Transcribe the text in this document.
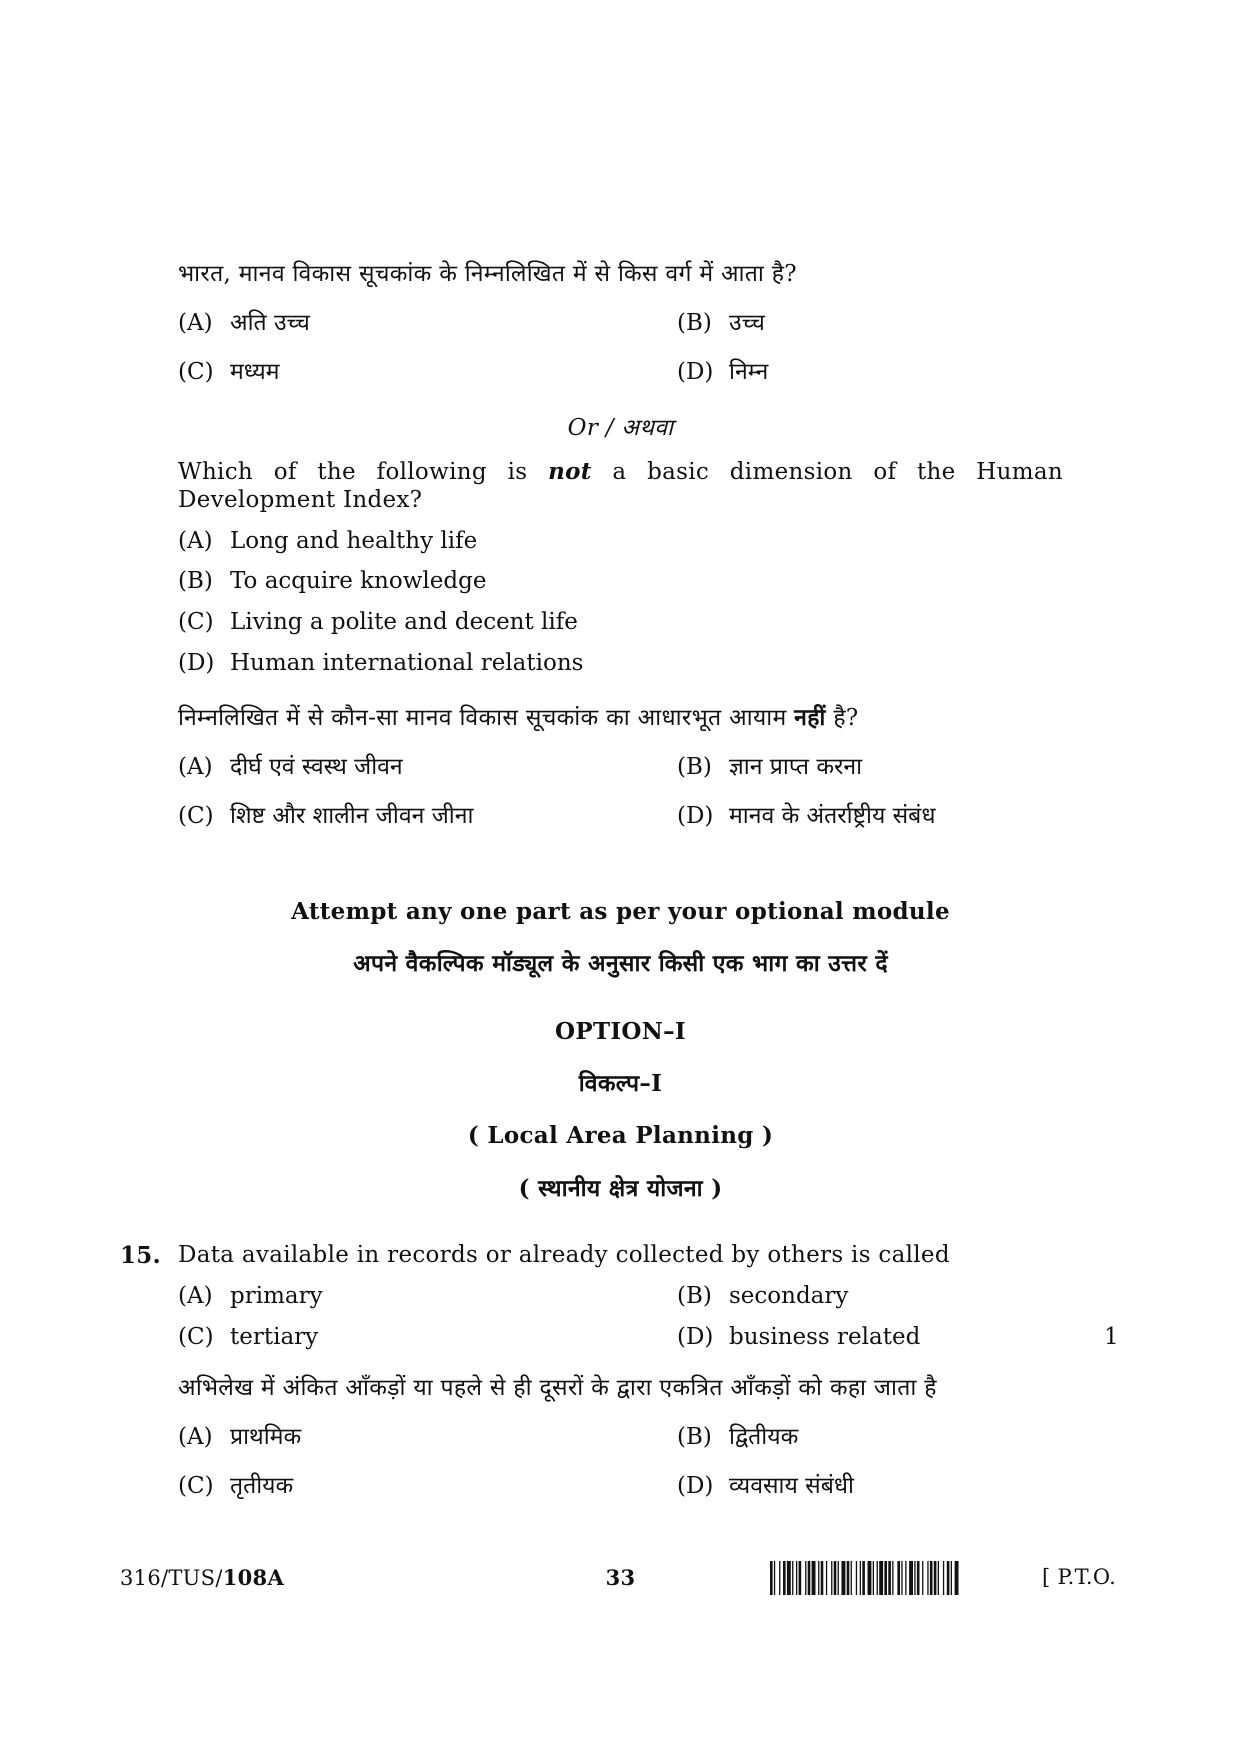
भारत, मानव विकास सूचकांक के निम्नलिखित में से किस वर्ग में आता है?
(A) अति उच्च	(B) उच्च
(C) मध्यम	(D) निम्न
Or / अथवा
Which of the following is not a basic dimension of the Human
Development Index?
(A) Long and healthy life
(B) To acquire knowledge
(C) Living a polite and decent life
(D) Human international relations
निम्नलिखित में से कौन-सा मानव विकास सूचकांक का आधारभूत आयाम नहीं है?
(A) दीर्घ एवं स्वस्थ जीवन	(B) ज्ञान प्राप्त करना
(C) शिष्ट और शालीन जीवन जीना	(D) मानव के अंतर्राष्ट्रीय संबंध
Attempt any one part as per your optional module
अपने वैकल्पिक मॉड्यूल के अनुसार किसी एक भाग का उत्तर दें
OPTION–I
विकल्प–I
( Local Area Planning )
( स्थानीय क्षेत्र योजना )
15. Data available in records or already collected by others is called
(A) primary	(B) secondary
(C) tertiary	(D) business related	1
अभिलेख में अंकित आँकड़ों या पहले से ही दूसरों के द्वारा एकत्रित आँकड़ों को कहा जाता है
(A) प्राथमिक	(B) द्वितीयक
(C) तृतीयक	(D) व्यवसाय संबंधी
316/TUS/108A	33	[ P.T.O.
